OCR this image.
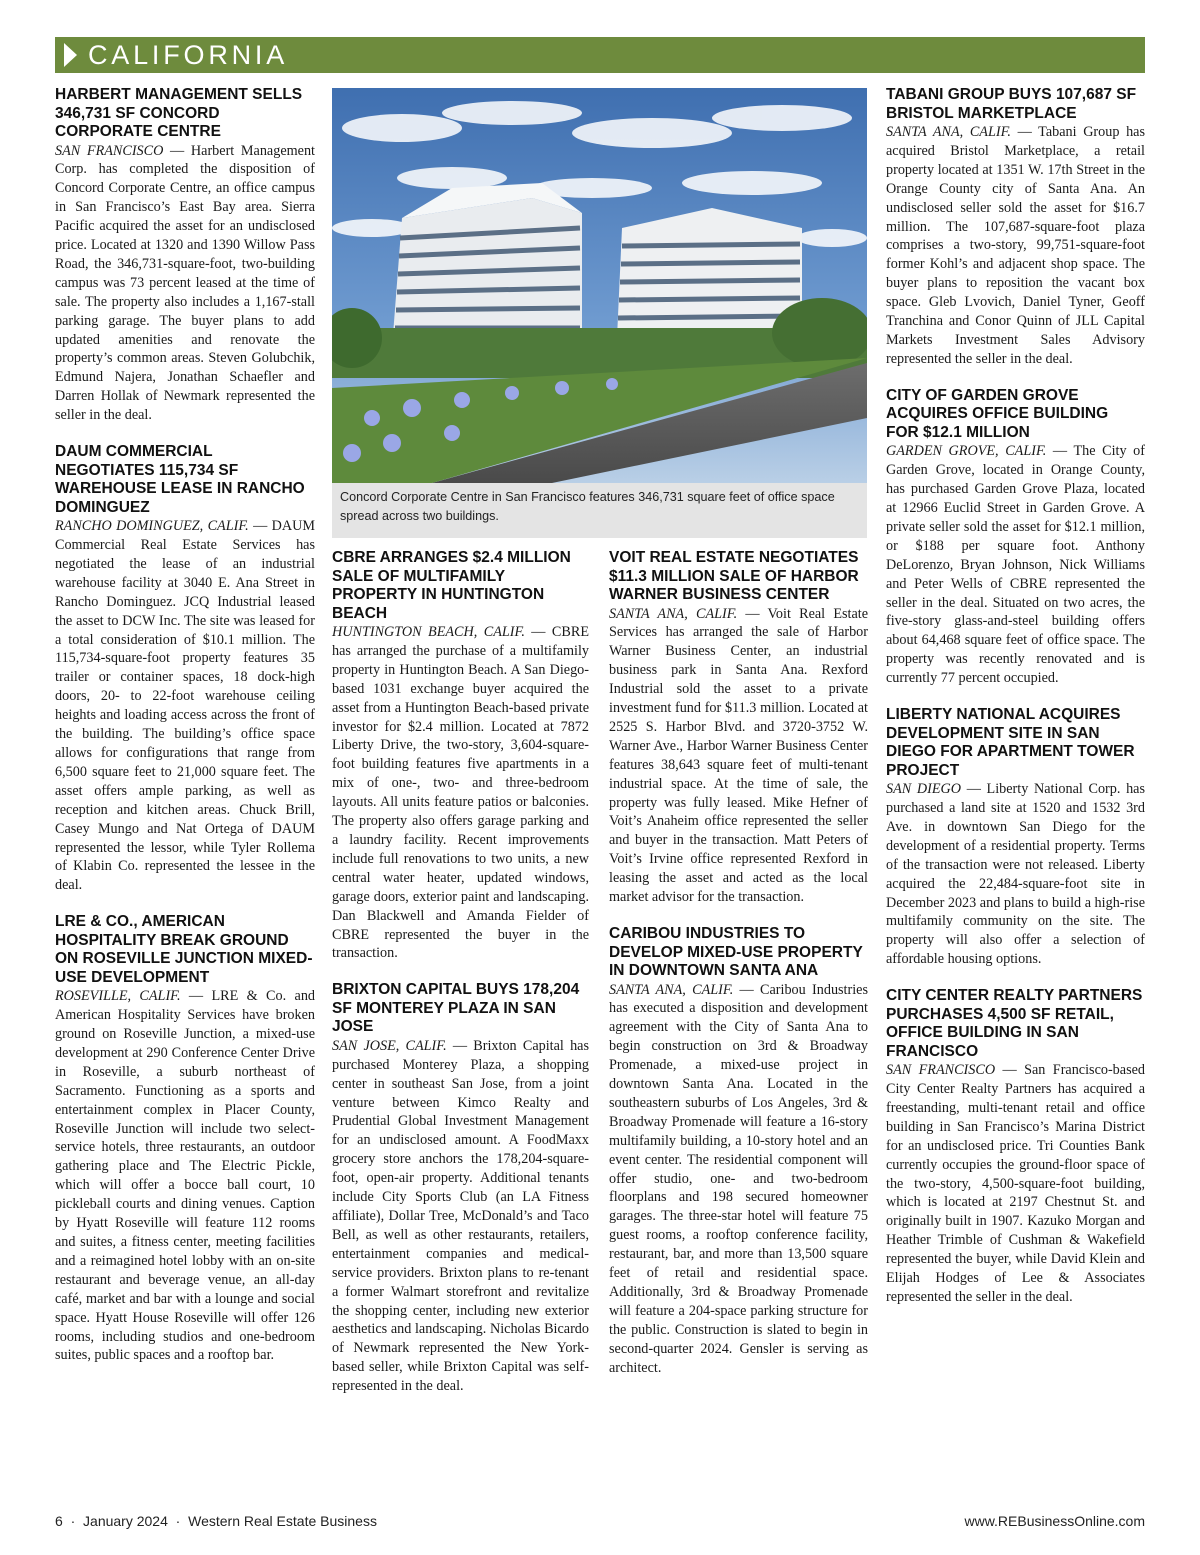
CALIFORNIA
HARBERT MANAGEMENT SELLS 346,731 SF CONCORD CORPORATE CENTRE

SAN FRANCISCO — Harbert Management Corp. has completed the disposition of Concord Corporate Centre, an office campus in San Francisco’s East Bay area. Sierra Pacific acquired the asset for an undisclosed price. Located at 1320 and 1390 Willow Pass Road, the 346,731-square-foot, two-building campus was 73 percent leased at the time of sale. The property also includes a 1,167-stall parking garage. The buyer plans to add updated amenities and renovate the property’s common areas. Steven Golubchik, Edmund Najera, Jonathan Schaefler and Darren Hollak of Newmark represented the seller in the deal.

DAUM COMMERCIAL NEGOTIATES 115,734 SF WAREHOUSE LEASE IN RANCHO DOMINGUEZ

RANCHO DOMINGUEZ, CALIF. — DAUM Commercial Real Estate Services has negotiated the lease of an industrial warehouse facility at 3040 E. Ana Street in Rancho Dominguez. JCQ Industrial leased the asset to DCW Inc. The site was leased for a total consideration of $10.1 million. The 115,734-square-foot property features 35 trailer or container spaces, 18 dock-high doors, 20- to 22-foot warehouse ceiling heights and loading access across the front of the building. The building’s office space allows for configurations that range from 6,500 square feet to 21,000 square feet. The asset offers ample parking, as well as reception and kitchen areas. Chuck Brill, Casey Mungo and Nat Ortega of DAUM represented the lessor, while Tyler Rollema of Klabin Co. represented the lessee in the deal.

LRE & CO., AMERICAN HOSPITALITY BREAK GROUND ON ROSEVILLE JUNCTION MIXED-USE DEVELOPMENT

ROSEVILLE, CALIF. — LRE & Co. and American Hospitality Services have broken ground on Roseville Junction, a mixed-use development at 290 Conference Center Drive in Roseville, a suburb northeast of Sacramento. Functioning as a sports and entertainment complex in Placer County, Roseville Junction will include two select-service hotels, three restaurants, an outdoor gathering place and The Electric Pickle, which will offer a bocce ball court, 10 pickleball courts and dining venues. Caption by Hyatt Roseville will feature 112 rooms and suites, a fitness center, meeting facilities and a reimagined hotel lobby with an on-site restaurant and beverage venue, an all-day café, market and bar with a lounge and social space. Hyatt House Roseville will offer 126 rooms, including studios and one-bedroom suites, public spaces and a rooftop bar.

Concord Corporate Centre in San Francisco features 346,731 square feet of office space spread across two buildings.
CBRE ARRANGES $2.4 MILLION SALE OF MULTIFAMILY PROPERTY IN HUNTINGTON BEACH

HUNTINGTON BEACH, CALIF. — CBRE has arranged the purchase of a multifamily property in Huntington Beach. A San Diego-based 1031 exchange buyer acquired the asset from a Huntington Beach-based private investor for $2.4 million. Located at 7872 Liberty Drive, the two-story, 3,604-square-foot building features five apartments in a mix of one-, two- and three-bedroom layouts. All units feature patios or balconies. The property also offers garage parking and a laundry facility. Recent improvements include full renovations to two units, a new central water heater, updated windows, garage doors, exterior paint and landscaping. Dan Blackwell and Amanda Fielder of CBRE represented the buyer in the transaction.

BRIXTON CAPITAL BUYS 178,204 SF MONTEREY PLAZA IN SAN JOSE

SAN JOSE, CALIF. — Brixton Capital has purchased Monterey Plaza, a shopping center in southeast San Jose, from a joint venture between Kimco Realty and Prudential Global Investment Management for an undisclosed amount. A FoodMaxx grocery store anchors the 178,204-square-foot, open-air property. Additional tenants include City Sports Club (an LA Fitness affiliate), Dollar Tree, McDonald’s and Taco Bell, as well as other restaurants, retailers, entertainment companies and medical-service providers. Brixton plans to re-tenant a former Walmart storefront and revitalize the shopping center, including new exterior aesthetics and landscaping. Nicholas Bicardo of Newmark represented the New York-based seller, while Brixton Capital was self-represented in the deal.

VOIT REAL ESTATE NEGOTIATES $11.3 MILLION SALE OF HARBOR WARNER BUSINESS CENTER

SANTA ANA, CALIF. — Voit Real Estate Services has arranged the sale of Harbor Warner Business Center, an industrial business park in Santa Ana. Rexford Industrial sold the asset to a private investment fund for $11.3 million. Located at 2525 S. Harbor Blvd. and 3720-3752 W. Warner Ave., Harbor Warner Business Center features 38,643 square feet of multi-tenant industrial space. At the time of sale, the property was fully leased. Mike Hefner of Voit’s Anaheim office represented the seller and buyer in the transaction. Matt Peters of Voit’s Irvine office represented Rexford in leasing the asset and acted as the local market advisor for the transaction.

CARIBOU INDUSTRIES TO DEVELOP MIXED-USE PROPERTY IN DOWNTOWN SANTA ANA

SANTA ANA, CALIF. — Caribou Industries has executed a disposition and development agreement with the City of Santa Ana to begin construction on 3rd & Broadway Promenade, a mixed-use project in downtown Santa Ana. Located in the southeastern suburbs of Los Angeles, 3rd & Broadway Promenade will feature a 16-story multifamily building, a 10-story hotel and an event center. The residential component will offer studio, one- and two-bedroom floorplans and 198 secured homeowner garages. The three-star hotel will feature 75 guest rooms, a rooftop conference facility, restaurant, bar, and more than 13,500 square feet of retail and residential space. Additionally, 3rd & Broadway Promenade will feature a 204-space parking structure for the public. Construction is slated to begin in second-quarter 2024. Gensler is serving as architect.

TABANI GROUP BUYS 107,687 SF BRISTOL MARKETPLACE

SANTA ANA, CALIF. — Tabani Group has acquired Bristol Marketplace, a retail property located at 1351 W. 17th Street in the Orange County city of Santa Ana. An undisclosed seller sold the asset for $16.7 million. The 107,687-square-foot plaza comprises a two-story, 99,751-square-foot former Kohl’s and adjacent shop space. The buyer plans to reposition the vacant box space. Gleb Lvovich, Daniel Tyner, Geoff Tranchina and Conor Quinn of JLL Capital Markets Investment Sales Advisory represented the seller in the deal.

CITY OF GARDEN GROVE ACQUIRES OFFICE BUILDING FOR $12.1 MILLION

GARDEN GROVE, CALIF. — The City of Garden Grove, located in Orange County, has purchased Garden Grove Plaza, located at 12966 Euclid Street in Garden Grove. A private seller sold the asset for $12.1 million, or $188 per square foot. Anthony DeLorenzo, Bryan Johnson, Nick Williams and Peter Wells of CBRE represented the seller in the deal. Situated on two acres, the five-story glass-and-steel building offers about 64,468 square feet of office space. The property was recently renovated and is currently 77 percent occupied.

LIBERTY NATIONAL ACQUIRES DEVELOPMENT SITE IN SAN DIEGO FOR APARTMENT TOWER PROJECT

SAN DIEGO — Liberty National Corp. has purchased a land site at 1520 and 1532 3rd Ave. in downtown San Diego for the development of a residential property. Terms of the transaction were not released. Liberty acquired the 22,484-square-foot site in December 2023 and plans to build a high-rise multifamily community on the site. The property will also offer a selection of affordable housing options.

CITY CENTER REALTY PARTNERS PURCHASES 4,500 SF RETAIL, OFFICE BUILDING IN SAN FRANCISCO

SAN FRANCISCO — San Francisco-based City Center Realty Partners has acquired a freestanding, multi-tenant retail and office building in San Francisco’s Marina District for an undisclosed price. Tri Counties Bank currently occupies the ground-floor space of the two-story, 4,500-square-foot building, which is located at 2197 Chestnut St. and originally built in 1907. Kazuko Morgan and Heather Trimble of Cushman & Wakefield represented the buyer, while David Klein and Elijah Hodges of Lee & Associates represented the seller in the deal.

6 · January 2024 · Western Real Estate Business	www.REBusinessOnline.com
